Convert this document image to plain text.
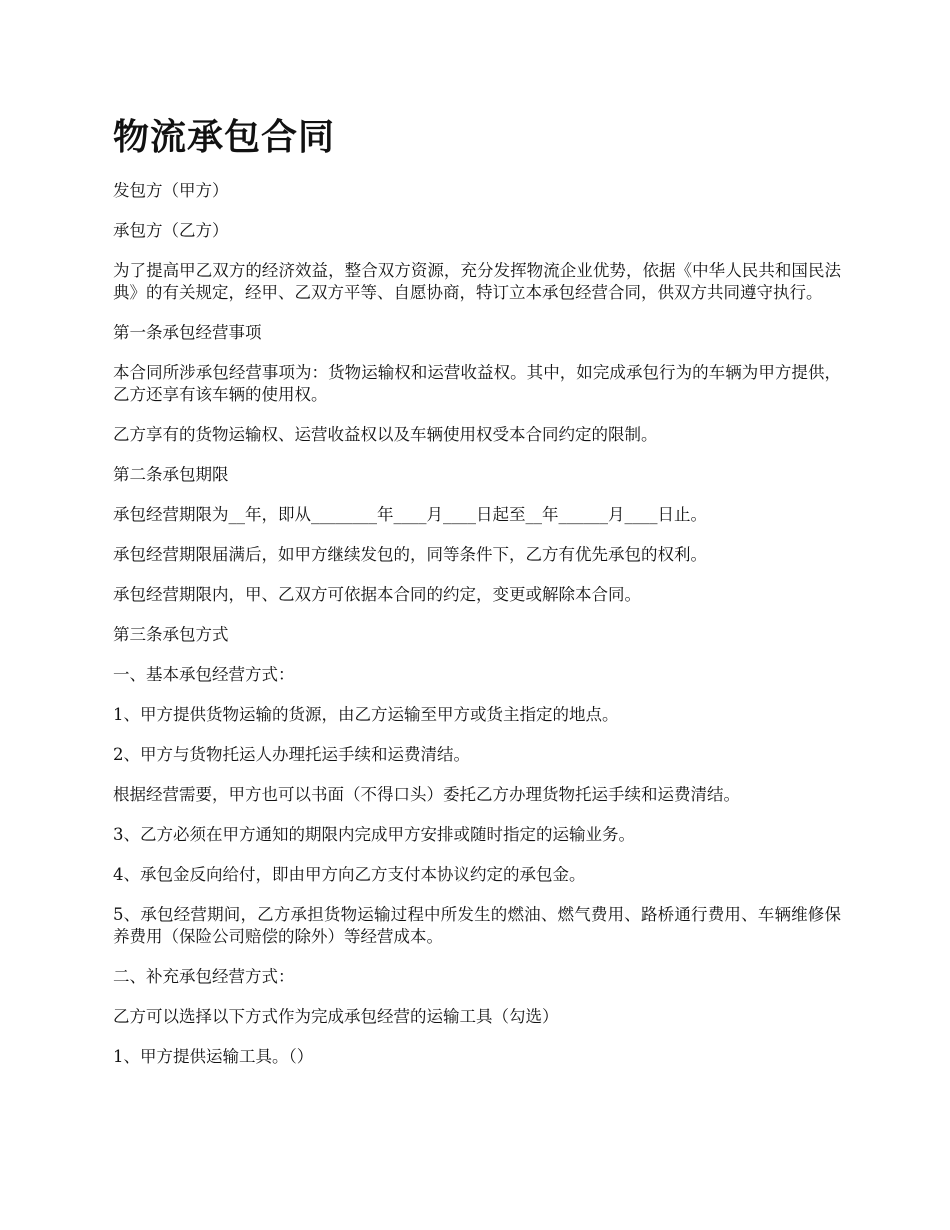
物流承包合同

发包方（甲方）

承包方（乙方）

为了提高甲乙双方的经济效益，整合双方资源，充分发挥物流企业优势，依据《中华人民共和国民法典》的有关规定，经甲、乙双方平等、自愿协商，特订立本承包经营合同，供双方共同遵守执行。

第一条承包经营事项

本合同所涉承包经营事项为：货物运输权和运营收益权。其中，如完成承包行为的车辆为甲方提供，乙方还享有该车辆的使用权。

乙方享有的货物运输权、运营收益权以及车辆使用权受本合同约定的限制。

第二条承包期限

承包经营期限为__年，即从________年____月____日起至__年______月____日止。

承包经营期限届满后，如甲方继续发包的，同等条件下，乙方有优先承包的权利。

承包经营期限内，甲、乙双方可依据本合同的约定，变更或解除本合同。

第三条承包方式

一、基本承包经营方式：

1、甲方提供货物运输的货源，由乙方运输至甲方或货主指定的地点。

2、甲方与货物托运人办理托运手续和运费清结。

根据经营需要，甲方也可以书面（不得口头）委托乙方办理货物托运手续和运费清结。

3、乙方必须在甲方通知的期限内完成甲方安排或随时指定的运输业务。

4、承包金反向给付，即由甲方向乙方支付本协议约定的承包金。

5、承包经营期间，乙方承担货物运输过程中所发生的燃油、燃气费用、路桥通行费用、车辆维修保养费用（保险公司赔偿的除外）等经营成本。

二、补充承包经营方式：

乙方可以选择以下方式作为完成承包经营的运输工具（勾选）

1、甲方提供运输工具。（）
